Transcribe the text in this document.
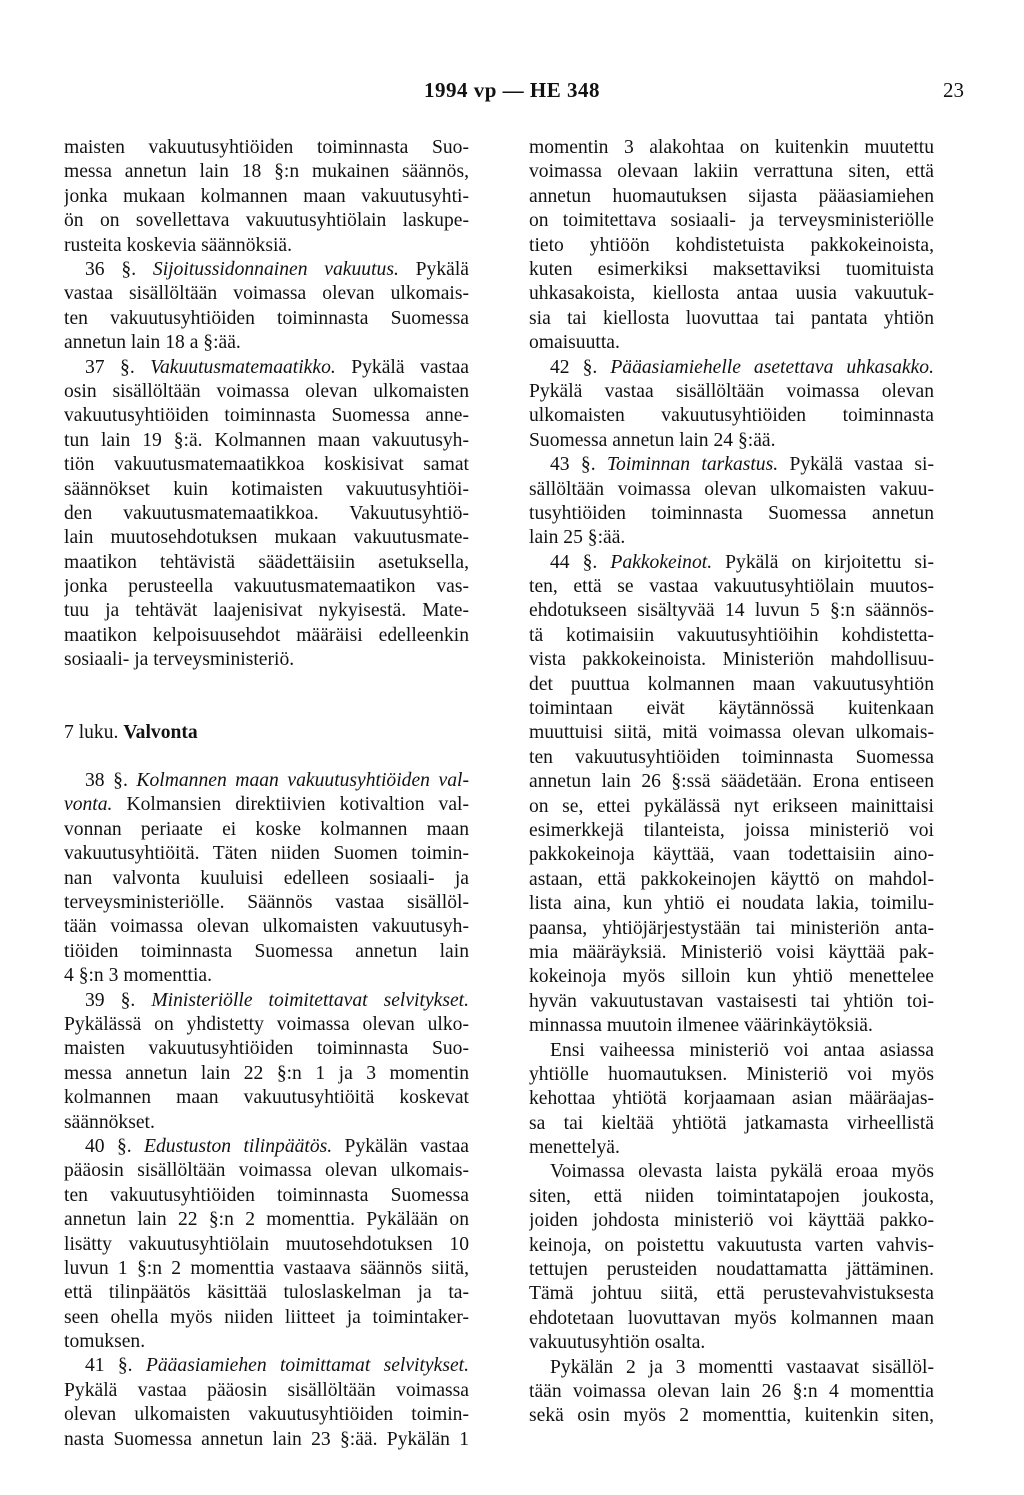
1994 vp — HE 348	23
maisten vakuutusyhtiöiden toiminnasta Suo-
messa annetun lain 18 §:n mukainen säännös,
jonka mukaan kolmannen maan vakuutusyhti-
ön on sovellettava vakuutusyhtiölain laskupe-
rusteita koskevia säännöksiä.
36 §. Sijoitussidonnainen vakuutus. Pykälä
vastaa sisällöltään voimassa olevan ulkomais-
ten vakuutusyhtiöiden toiminnasta Suomessa
annetun lain 18 a §:ää.
37 §. Vakuutusmatemaatikko. Pykälä vastaa
osin sisällöltään voimassa olevan ulkomaisten
vakuutusyhtiöiden toiminnasta Suomessa anne-
tun lain 19 §:ä. Kolmannen maan vakuutusyh-
tiön vakuutusmatemaatikkoa koskisivat samat
säännökset kuin kotimaisten vakuutusyhtiöi-
den vakuutusmatemaatikkoa. Vakuutusyhtiö-
lain muutosehdotuksen mukaan vakuutusmate-
maatikon tehtävistä säädettäisiin asetuksella,
jonka perusteella vakuutusmatemaatikon vas-
tuu ja tehtävät laajenisivat nykyisestä. Mate-
maatikon kelpoisuusehdot määräisi edelleenkin
sosiaali- ja terveysministeriö.
7 luku. Valvonta
38 §. Kolmannen maan vakuutusyhtiöiden val-
vonta. Kolmansien direktiivien kotivaltion val-
vonnan periaate ei koske kolmannen maan
vakuutusyhtiöitä. Täten niiden Suomen toimin-
nan valvonta kuuluisi edelleen sosiaali- ja
terveysministeriölle. Säännös vastaa sisällöl-
tään voimassa olevan ulkomaisten vakuutusyh-
tiöiden toiminnasta Suomessa annetun lain
4 §:n 3 momenttia.
39 §. Ministeriölle toimitettavat selvitykset.
Pykälässä on yhdistetty voimassa olevan ulko-
maisten vakuutusyhtiöiden toiminnasta Suo-
messa annetun lain 22 §:n 1 ja 3 momentin
kolmannen maan vakuutusyhtiöitä koskevat
säännökset.
40 §. Edustuston tilinpäätös. Pykälän vastaa
pääosin sisällöltään voimassa olevan ulkomais-
ten vakuutusyhtiöiden toiminnasta Suomessa
annetun lain 22 §:n 2 momenttia. Pykälään on
lisätty vakuutusyhtiölain muutosehdotuksen 10
luvun 1 §:n 2 momenttia vastaava säännös siitä,
että tilinpäätös käsittää tuloslaskelman ja ta-
seen ohella myös niiden liitteet ja toimintaker-
tomuksen.
41 §. Pääasiamiehen toimittamat selvitykset.
Pykälä vastaa pääosin sisällöltään voimassa
olevan ulkomaisten vakuutusyhtiöiden toimin-
nasta Suomessa annetun lain 23 §:ää. Pykälän 1
momentin 3 alakohtaa on kuitenkin muutettu
voimassa olevaan lakiin verrattuna siten, että
annetun huomautuksen sijasta pääasiamiehen
on toimitettava sosiaali- ja terveysministeriölle
tieto yhtiöön kohdistetuista pakkokeinoista,
kuten esimerkiksi maksettaviksi tuomituista
uhkasakoista, kiellosta antaa uusia vakuutuk-
sia tai kiellosta luovuttaa tai pantata yhtiön
omaisuutta.
42 §. Pääasiamiehelle asetettava uhkasakko.
Pykälä vastaa sisällöltään voimassa olevan
ulkomaisten vakuutusyhtiöiden toiminnasta
Suomessa annetun lain 24 §:ää.
43 §. Toiminnan tarkastus. Pykälä vastaa si-
sällöltään voimassa olevan ulkomaisten vakuu-
tusyhtiöiden toiminnasta Suomessa annetun
lain 25 §:ää.
44 §. Pakkokeinot. Pykälä on kirjoitettu si-
ten, että se vastaa vakuutusyhtiölain muutos-
ehdotukseen sisältyvää 14 luvun 5 §:n säännös-
tä kotimaisiin vakuutusyhtiöihin kohdistetta-
vista pakkokeinoista. Ministeriön mahdollisuu-
det puuttua kolmannen maan vakuutusyhtiön
toimintaan eivät käytännössä kuitenkaan
muuttuisi siitä, mitä voimassa olevan ulkomais-
ten vakuutusyhtiöiden toiminnasta Suomessa
annetun lain 26 §:ssä säädetään. Erona entiseen
on se, ettei pykälässä nyt erikseen mainittaisi
esimerkkejä tilanteista, joissa ministeriö voi
pakkokeinoja käyttää, vaan todettaisiin aino-
astaan, että pakkokeinojen käyttö on mahdol-
lista aina, kun yhtiö ei noudata lakia, toimilu-
paansa, yhtiöjärjestystään tai ministeriön anta-
mia määräyksiä. Ministeriö voisi käyttää pak-
kokeinoja myös silloin kun yhtiö menettelee
hyvän vakuutustavan vastaisesti tai yhtiön toi-
minnassa muutoin ilmenee väärinkäytöksiä.
Ensi vaiheessa ministeriö voi antaa asiassa
yhtiölle huomautuksen. Ministeriö voi myös
kehottaa yhtiötä korjaamaan asian määräajas-
sa tai kieltää yhtiötä jatkamasta virheellistä
menettelyä.
Voimassa olevasta laista pykälä eroaa myös
siten, että niiden toimintatapojen joukosta,
joiden johdosta ministeriö voi käyttää pakko-
keinoja, on poistettu vakuutusta varten vahvis-
tettujen perusteiden noudattamatta jättäminen.
Tämä johtuu siitä, että perustevahvistuksesta
ehdotetaan luovuttavan myös kolmannen maan
vakuutusyhtiön osalta.
Pykälän 2 ja 3 momentti vastaavat sisällöl-
tään voimassa olevan lain 26 §:n 4 momenttia
sekä osin myös 2 momenttia, kuitenkin siten,
